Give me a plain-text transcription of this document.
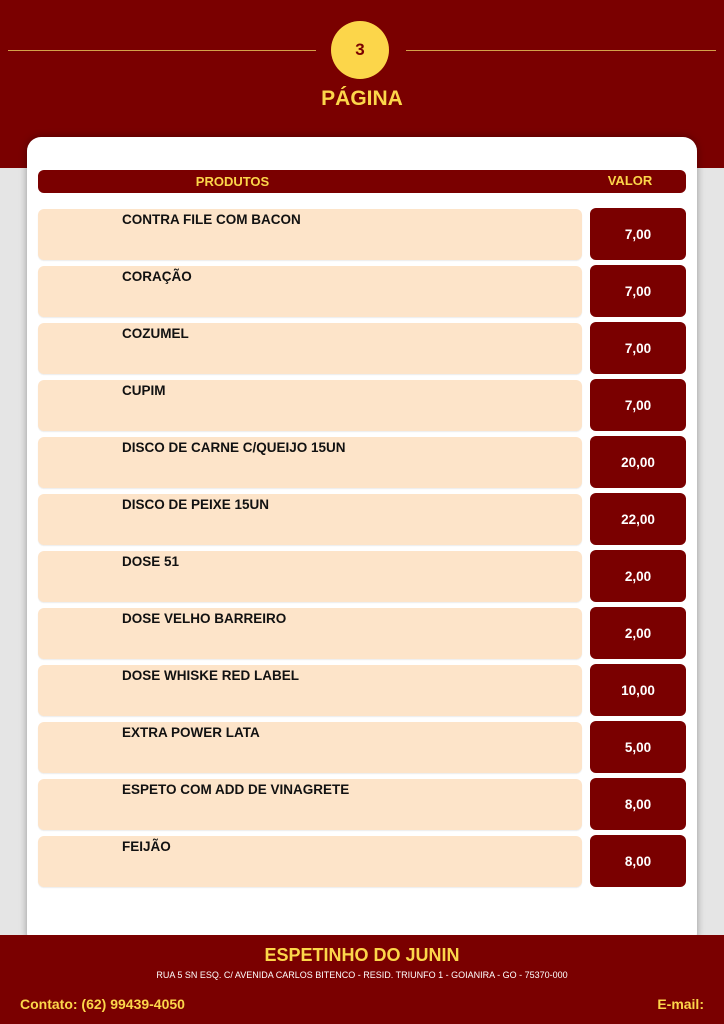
3
PÁGINA
PRODUTOS	VALOR
CONTRA FILE COM BACON
7,00
CORAÇÃO
7,00
COZUMEL
7,00
CUPIM
7,00
DISCO DE CARNE C/QUEIJO 15UN
20,00
DISCO DE PEIXE 15UN
22,00
DOSE 51
2,00
DOSE VELHO BARREIRO
2,00
DOSE WHISKE RED LABEL
10,00
EXTRA POWER LATA
5,00
ESPETO COM ADD DE VINAGRETE
8,00
FEIJÃO
8,00
ESPETINHO DO JUNIN
RUA 5 SN ESQ. C/ AVENIDA CARLOS BITENCO - RESID. TRIUNFO 1 - GOIANIRA - GO - 75370-000
Contato: (62) 99439-4050	E-mail:
